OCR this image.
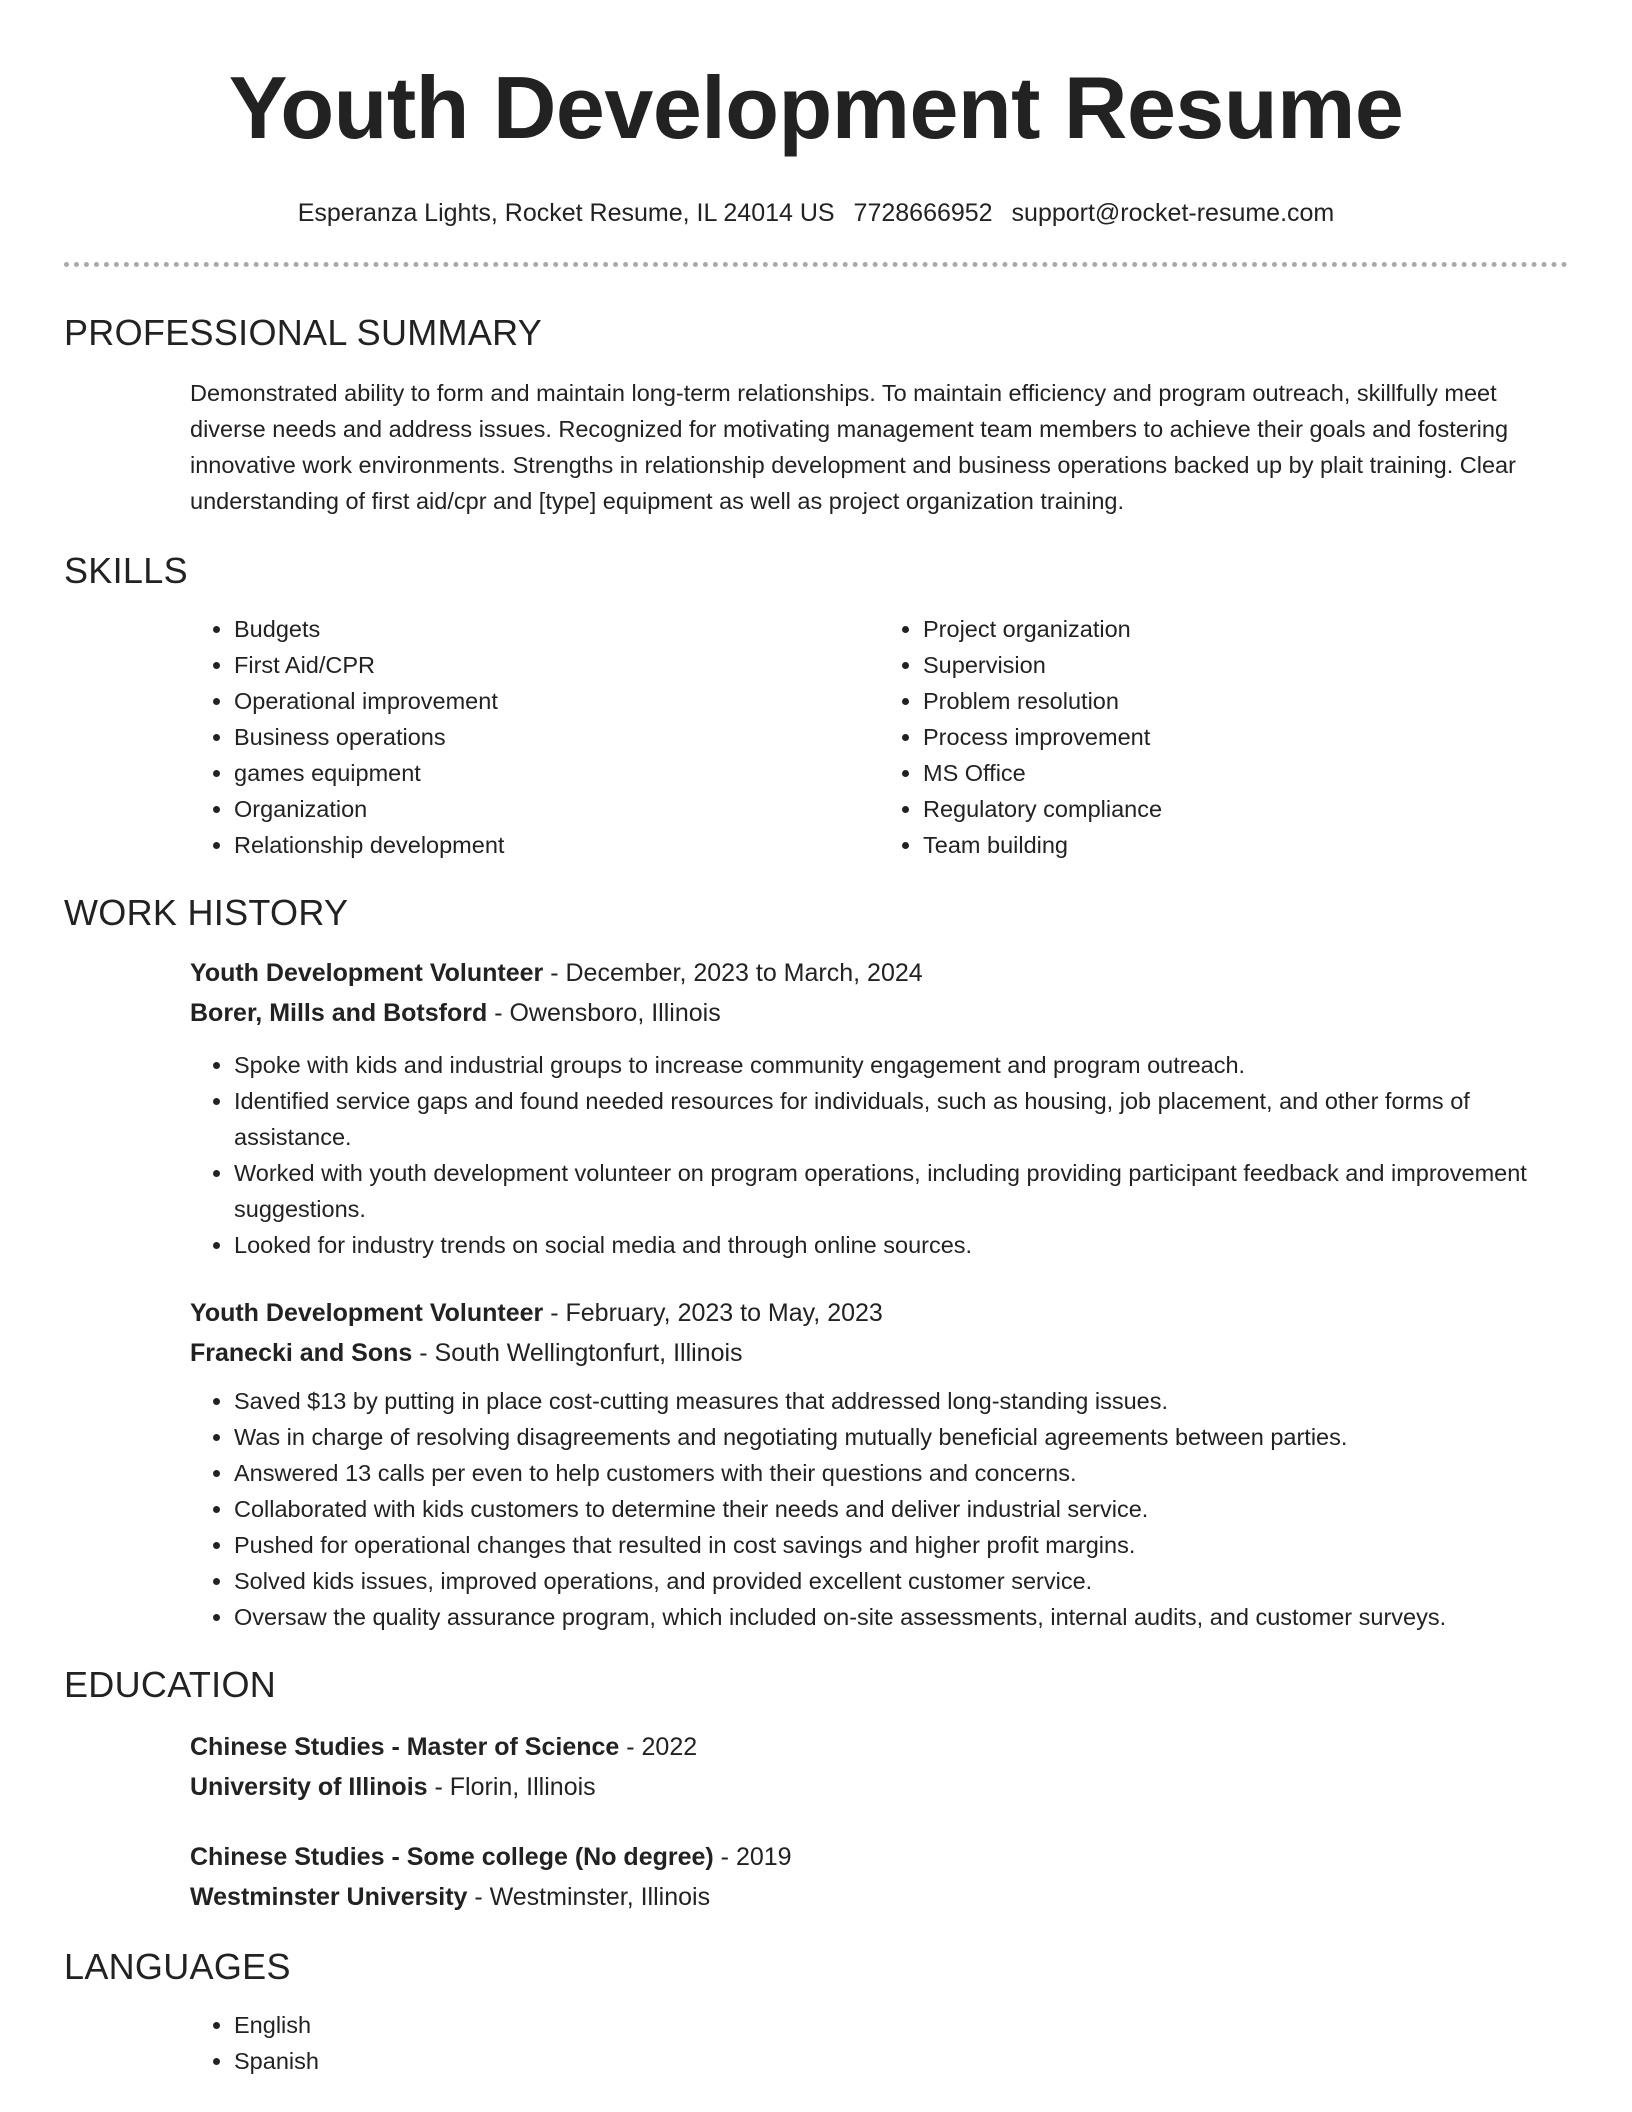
Youth Development Resume
Esperanza Lights, Rocket Resume, IL 24014 US 7728666952 support@rocket-resume.com
PROFESSIONAL SUMMARY

Demonstrated ability to form and maintain long-term relationships. To maintain efficiency and program outreach, skillfully meet diverse needs and address issues. Recognized for motivating management team members to achieve their goals and fostering innovative work environments. Strengths in relationship development and business operations backed up by plait training. Clear understanding of first aid/cpr and [type] equipment as well as project organization training.

SKILLS
• Budgets
• First Aid/CPR
• Operational improvement
• Business operations
• games equipment
• Organization
• Relationship development
• Project organization
• Supervision
• Problem resolution
• Process improvement
• MS Office
• Regulatory compliance
• Team building
WORK HISTORY
Youth Development Volunteer - December, 2023 to March, 2024
Borer, Mills and Botsford - Owensboro, Illinois
• Spoke with kids and industrial groups to increase community engagement and program outreach.
• Identified service gaps and found needed resources for individuals, such as housing, job placement, and other forms of assistance.
• Worked with youth development volunteer on program operations, including providing participant feedback and improvement suggestions.
• Looked for industry trends on social media and through online sources.
Youth Development Volunteer - February, 2023 to May, 2023
Franecki and Sons - South Wellingtonfurt, Illinois
• Saved $13 by putting in place cost-cutting measures that addressed long-standing issues.
• Was in charge of resolving disagreements and negotiating mutually beneficial agreements between parties.
• Answered 13 calls per even to help customers with their questions and concerns.
• Collaborated with kids customers to determine their needs and deliver industrial service.
• Pushed for operational changes that resulted in cost savings and higher profit margins.
• Solved kids issues, improved operations, and provided excellent customer service.
• Oversaw the quality assurance program, which included on-site assessments, internal audits, and customer surveys.
EDUCATION
Chinese Studies - Master of Science - 2022
University of Illinois - Florin, Illinois
Chinese Studies - Some college (No degree) - 2019
Westminster University - Westminster, Illinois
LANGUAGES
• English
• Spanish
